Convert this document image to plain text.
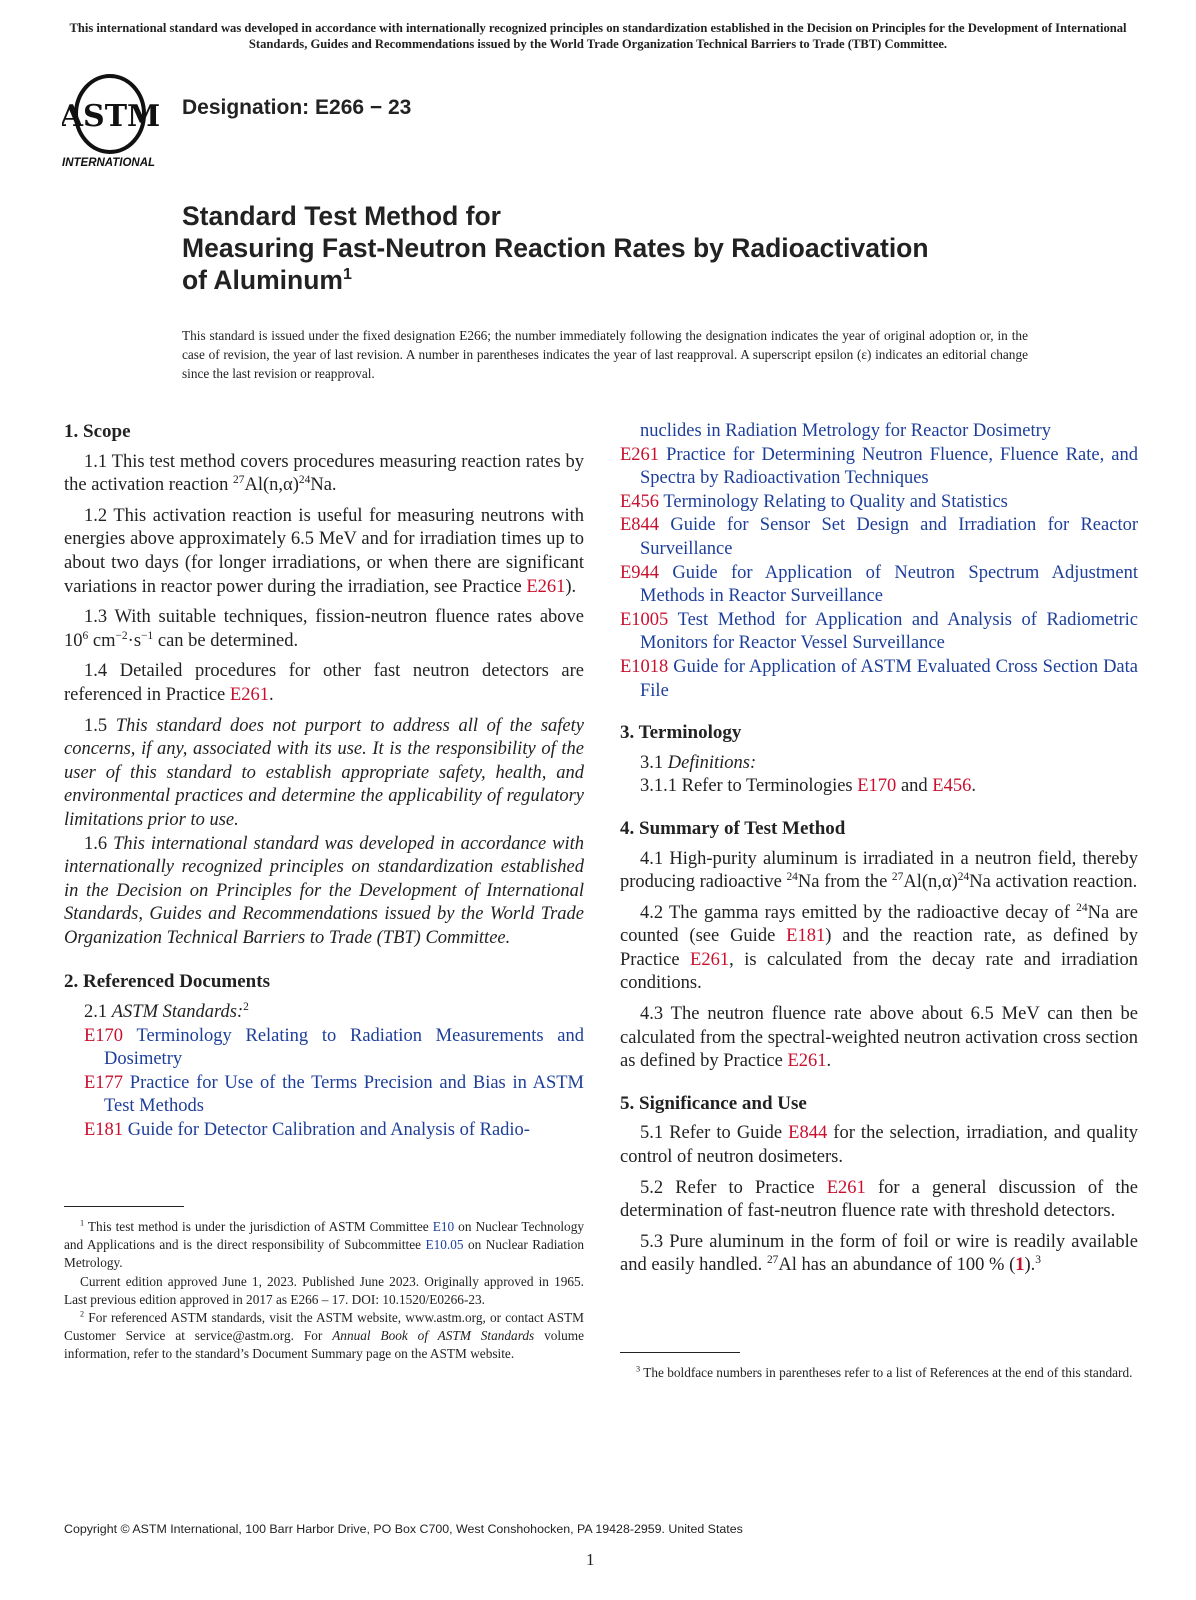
This international standard was developed in accordance with internationally recognized principles on standardization established in the Decision on Principles for the Development of International Standards, Guides and Recommendations issued by the World Trade Organization Technical Barriers to Trade (TBT) Committee.
ASTM
INTERNATIONAL
Designation: E266 − 23
Standard Test Method for
Measuring Fast-Neutron Reaction Rates by Radioactivation
of Aluminum$^1$
This standard is issued under the fixed designation E266; the number immediately following the designation indicates the year of original adoption or, in the case of revision, the year of last revision. A number in parentheses indicates the year of last reapproval. A superscript epsilon (ε) indicates an editorial change since the last revision or reapproval.
1. Scope

1.1 This test method covers procedures measuring reaction rates by the activation reaction $^{27}Al(n,\alpha)^{24}Na$.

1.2 This activation reaction is useful for measuring neutrons with energies above approximately 6.5 MeV and for irradiation times up to about two days (for longer irradiations, or when there are significant variations in reactor power during the irradiation, see Practice E261).

1.3 With suitable techniques, fission-neutron fluence rates above $10^6$ $cm^{-2}\cdot s^{-1}$ can be determined.

1.4 Detailed procedures for other fast neutron detectors are referenced in Practice E261.

1.5 This standard does not purport to address all of the safety concerns, if any, associated with its use. It is the responsibility of the user of this standard to establish appropriate safety, health, and environmental practices and determine the applicability of regulatory limitations prior to use.

1.6 This international standard was developed in accordance with internationally recognized principles on standardization established in the Decision on Principles for the Development of International Standards, Guides and Recommendations issued by the World Trade Organization Technical Barriers to Trade (TBT) Committee.

2. Referenced Documents
2.1 ASTM Standards:$^2$
E170 Terminology Relating to Radiation Measurements and Dosimetry
E177 Practice for Use of the Terms Precision and Bias in ASTM Test Methods
E181 Guide for Detector Calibration and Analysis of Radio-

$^1$ This test method is under the jurisdiction of ASTM Committee E10 on Nuclear Technology and Applications and is the direct responsibility of Subcommittee E10.05 on Nuclear Radiation Metrology.

Current edition approved June 1, 2023. Published June 2023. Originally approved in 1965. Last previous edition approved in 2017 as E266 – 17. DOI: 10.1520/E0266-23.

$^2$ For referenced ASTM standards, visit the ASTM website, www.astm.org, or contact ASTM Customer Service at service@astm.org. For Annual Book of ASTM Standards volume information, refer to the standard’s Document Summary page on the ASTM website.

nuclides in Radiation Metrology for Reactor Dosimetry
E261 Practice for Determining Neutron Fluence, Fluence Rate, and Spectra by Radioactivation Techniques
E456 Terminology Relating to Quality and Statistics
E844 Guide for Sensor Set Design and Irradiation for Reactor Surveillance
E944 Guide for Application of Neutron Spectrum Adjustment Methods in Reactor Surveillance
E1005 Test Method for Application and Analysis of Radiometric Monitors for Reactor Vessel Surveillance
E1018 Guide for Application of ASTM Evaluated Cross Section Data File
3. Terminology
3.1 Definitions:
3.1.1 Refer to Terminologies E170 and E456.
4. Summary of Test Method

4.1 High-purity aluminum is irradiated in a neutron field, thereby producing radioactive $^{24}$Na from the $^{27}Al(n,\alpha)^{24}Na$ activation reaction.

4.2 The gamma rays emitted by the radioactive decay of $^{24}$Na are counted (see Guide E181) and the reaction rate, as defined by Practice E261, is calculated from the decay rate and irradiation conditions.

4.3 The neutron fluence rate above about 6.5 MeV can then be calculated from the spectral-weighted neutron activation cross section as defined by Practice E261.

5. Significance and Use

5.1 Refer to Guide E844 for the selection, irradiation, and quality control of neutron dosimeters.

5.2 Refer to Practice E261 for a general discussion of the determination of fast-neutron fluence rate with threshold detectors.

5.3 Pure aluminum in the form of foil or wire is readily available and easily handled. $^{27}$Al has an abundance of 100 % (1).$^3$

$^3$ The boldface numbers in parentheses refer to a list of References at the end of this standard.

Copyright © ASTM International, 100 Barr Harbor Drive, PO Box C700, West Conshohocken, PA 19428-2959. United States
1
